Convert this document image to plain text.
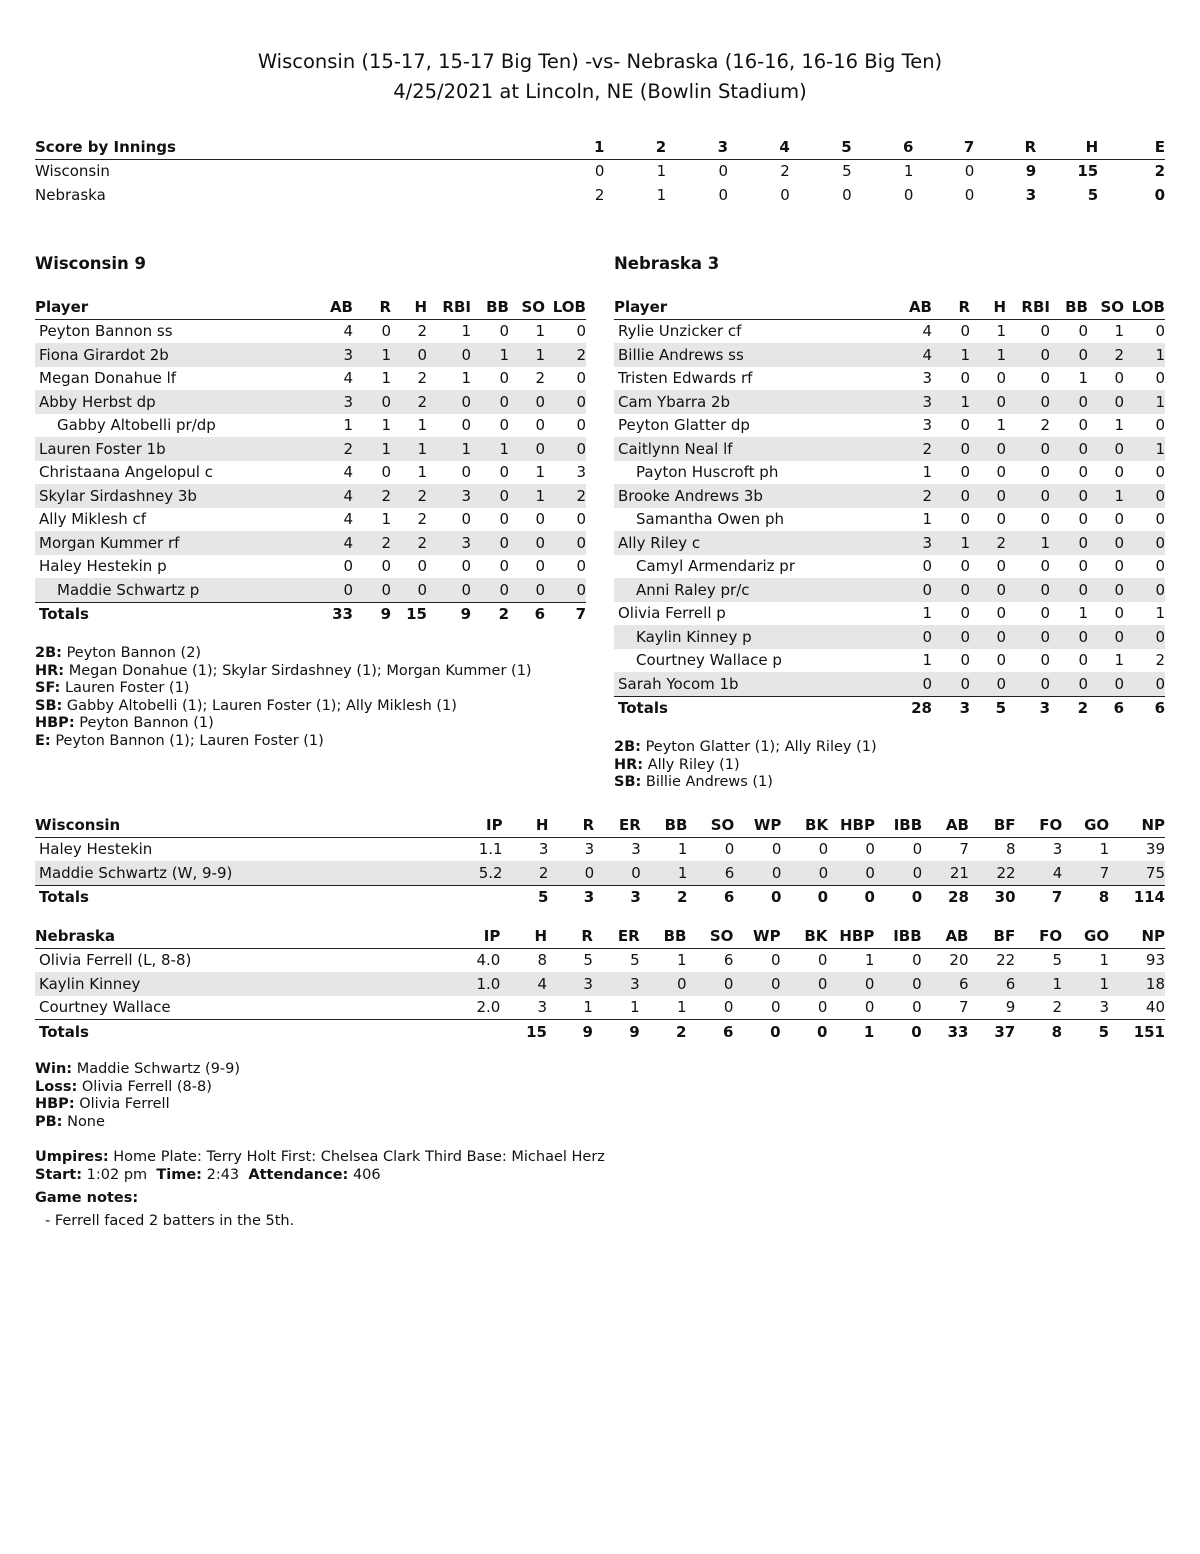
Wisconsin (15-17, 15-17 Big Ten) -vs- Nebraska (16-16, 16-16 Big Ten)
4/25/2021 at Lincoln, NE (Bowlin Stadium)
Score by Innings	1	2	3	4	5	6	7	R	H	E
Wisconsin	0	1	0	2	5	1	0	9	15	2
Nebraska	2	1	0	0	0	0	0	3	5	0
Wisconsin 9	Nebraska 3
Player	AB	R	H	RBI	BB	SO	LOB
Peyton Bannon ss	4	0	2	1	0	1	0
Fiona Girardot 2b	3	1	0	0	1	1	2
Megan Donahue lf	4	1	2	1	0	2	0
Abby Herbst dp	3	0	2	0	0	0	0
Gabby Altobelli pr/dp	1	1	1	0	0	0	0
Lauren Foster 1b	2	1	1	1	1	0	0
Christaana Angelopul c	4	0	1	0	0	1	3
Skylar Sirdashney 3b	4	2	2	3	0	1	2
Ally Miklesh cf	4	1	2	0	0	0	0
Morgan Kummer rf	4	2	2	3	0	0	0
Haley Hestekin p	0	0	0	0	0	0	0
Maddie Schwartz p	0	0	0	0	0	0	0
Totals	33	9	15	9	2	6	7
Player	AB	R	H	RBI	BB	SO	LOB
Rylie Unzicker cf	4	0	1	0	0	1	0
Billie Andrews ss	4	1	1	0	0	2	1
Tristen Edwards rf	3	0	0	0	1	0	0
Cam Ybarra 2b	3	1	0	0	0	0	1
Peyton Glatter dp	3	0	1	2	0	1	0
Caitlynn Neal lf	2	0	0	0	0	0	1
Payton Huscroft ph	1	0	0	0	0	0	0
Brooke Andrews 3b	2	0	0	0	0	1	0
Samantha Owen ph	1	0	0	0	0	0	0
Ally Riley c	3	1	2	1	0	0	0
Camyl Armendariz pr	0	0	0	0	0	0	0
Anni Raley pr/c	0	0	0	0	0	0	0
Olivia Ferrell p	1	0	0	0	1	0	1
Kaylin Kinney p	0	0	0	0	0	0	0
Courtney Wallace p	1	0	0	0	0	1	2
Sarah Yocom 1b	0	0	0	0	0	0	0
Totals	28	3	5	3	2	6	6
2B: Peyton Bannon (2)
HR: Megan Donahue (1); Skylar Sirdashney (1); Morgan Kummer (1)
SF: Lauren Foster (1)
SB: Gabby Altobelli (1); Lauren Foster (1); Ally Miklesh (1)
HBP: Peyton Bannon (1)
E: Peyton Bannon (1); Lauren Foster (1)	2B: Peyton Glatter (1); Ally Riley (1)
HR: Ally Riley (1)
SB: Billie Andrews (1)
Wisconsin	IP	H	R	ER	BB	SO	WP	BK	HBP	IBB	AB	BF	FO	GO	NP
Haley Hestekin	1.1	3	3	3	1	0	0	0	0	0	7	8	3	1	39
Maddie Schwartz (W, 9-9)	5.2	2	0	0	1	6	0	0	0	0	21	22	4	7	75
Totals		5	3	3	2	6	0	0	0	0	28	30	7	8	114
Nebraska	IP	H	R	ER	BB	SO	WP	BK	HBP	IBB	AB	BF	FO	GO	NP
Olivia Ferrell (L, 8-8)	4.0	8	5	5	1	6	0	0	1	0	20	22	5	1	93
Kaylin Kinney	1.0	4	3	3	0	0	0	0	0	0	6	6	1	1	18
Courtney Wallace	2.0	3	1	1	1	0	0	0	0	0	7	9	2	3	40
Totals		15	9	9	2	6	0	0	1	0	33	37	8	5	151
Win: Maddie Schwartz (9-9)
Loss: Olivia Ferrell (8-8)
HBP: Olivia Ferrell
PB: None
Umpires: Home Plate: Terry Holt First: Chelsea Clark Third Base: Michael Herz
Start: 1:02 pm Time: 2:43 Attendance: 406
Game notes:
- Ferrell faced 2 batters in the 5th.
